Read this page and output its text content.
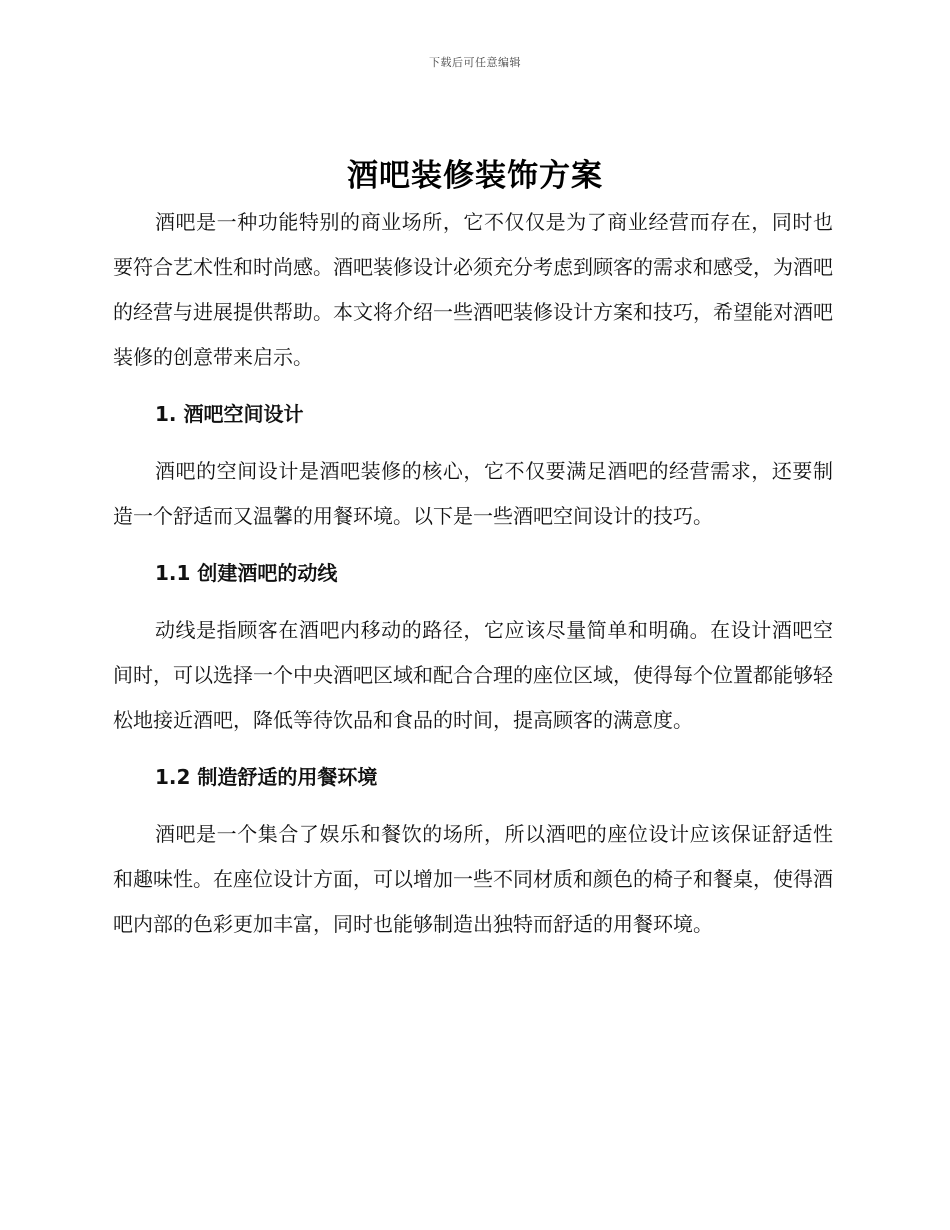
下载后可任意编辑
酒吧装修装饰方案

酒吧是一种功能特别的商业场所，它不仅仅是为了商业经营而存在，同时也要符合艺术性和时尚感。酒吧装修设计必须充分考虑到顾客的需求和感受，为酒吧的经营与进展提供帮助。本文将介绍一些酒吧装修设计方案和技巧，希望能对酒吧装修的创意带来启示。

1. 酒吧空间设计

酒吧的空间设计是酒吧装修的核心，它不仅要满足酒吧的经营需求，还要制造一个舒适而又温馨的用餐环境。以下是一些酒吧空间设计的技巧。

1.1 创建酒吧的动线

动线是指顾客在酒吧内移动的路径，它应该尽量简单和明确。在设计酒吧空间时，可以选择一个中央酒吧区域和配合合理的座位区域，使得每个位置都能够轻松地接近酒吧，降低等待饮品和食品的时间，提高顾客的满意度。

1.2 制造舒适的用餐环境

酒吧是一个集合了娱乐和餐饮的场所，所以酒吧的座位设计应该保证舒适性和趣味性。在座位设计方面，可以增加一些不同材质和颜色的椅子和餐桌，使得酒吧内部的色彩更加丰富，同时也能够制造出独特而舒适的用餐环境。
